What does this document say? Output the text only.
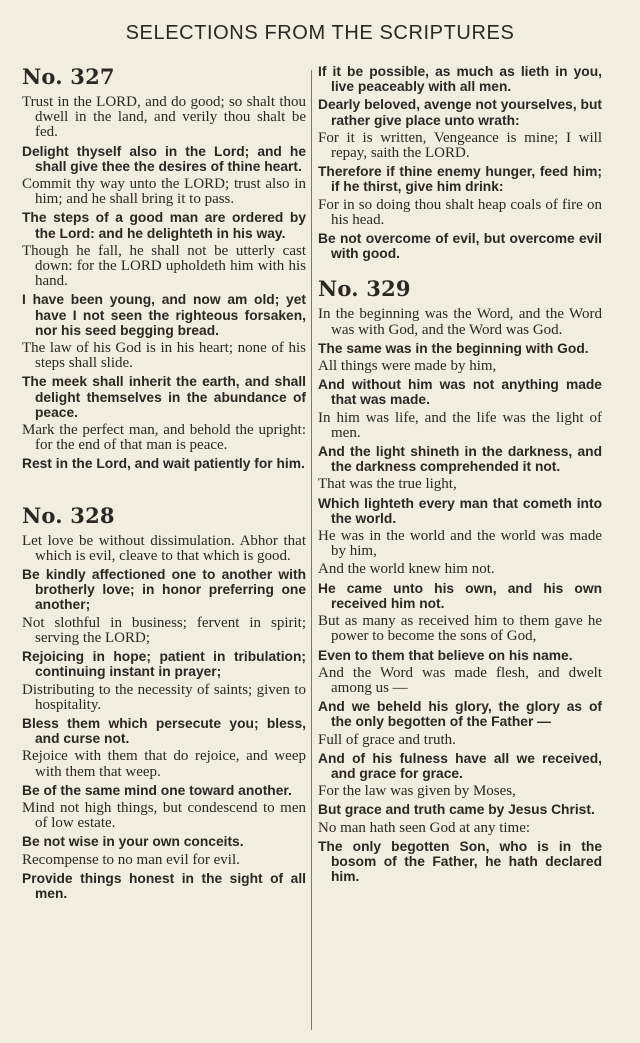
SELECTIONS FROM THE SCRIPTURES
No. 327
Trust in the LORD, and do good; so shalt thou dwell in the land, and verily thou shalt be fed.
Delight thyself also in the Lord; and he shall give thee the desires of thine heart.
Commit thy way unto the LORD; trust also in him; and he shall bring it to pass.
The steps of a good man are ordered by the Lord: and he delighteth in his way.
Though he fall, he shall not be utterly cast down: for the LORD upholdeth him with his hand.
I have been young, and now am old; yet have I not seen the righteous forsaken, nor his seed begging bread.
The law of his God is in his heart; none of his steps shall slide.
The meek shall inherit the earth, and shall delight themselves in the abundance of peace.
Mark the perfect man, and behold the upright: for the end of that man is peace.
Rest in the Lord, and wait patiently for him.
No. 328
Let love be without dissimulation. Abhor that which is evil, cleave to that which is good.
Be kindly affectioned one to another with brotherly love; in honor preferring one another;
Not slothful in business; fervent in spirit; serving the LORD;
Rejoicing in hope; patient in tribulation; continuing instant in prayer;
Distributing to the necessity of saints; given to hospitality.
Bless them which persecute you; bless, and curse not.
Rejoice with them that do rejoice, and weep with them that weep.
Be of the same mind one toward another.
Mind not high things, but condescend to men of low estate.
Be not wise in your own conceits.
Recompense to no man evil for evil.
Provide things honest in the sight of all men.
If it be possible, as much as lieth in you, live peaceably with all men.
Dearly beloved, avenge not yourselves, but rather give place unto wrath:
For it is written, Vengeance is mine; I will repay, saith the LORD.
Therefore if thine enemy hunger, feed him; if he thirst, give him drink:
For in so doing thou shalt heap coals of fire on his head.
Be not overcome of evil, but overcome evil with good.
No. 329
In the beginning was the Word, and the Word was with God, and the Word was God.
The same was in the beginning with God.
All things were made by him,
And without him was not anything made that was made.
In him was life, and the life was the light of men.
And the light shineth in the darkness, and the darkness comprehended it not.
That was the true light,
Which lighteth every man that cometh into the world.
He was in the world and the world was made by him,
And the world knew him not.
He came unto his own, and his own received him not.
But as many as received him to them gave he power to become the sons of God,
Even to them that believe on his name.
And the Word was made flesh, and dwelt among us —
And we beheld his glory, the glory as of the only begotten of the Father —
Full of grace and truth.
And of his fulness have all we received, and grace for grace.
For the law was given by Moses,
But grace and truth came by Jesus Christ.
No man hath seen God at any time:
The only begotten Son, who is in the bosom of the Father, he hath declared him.
